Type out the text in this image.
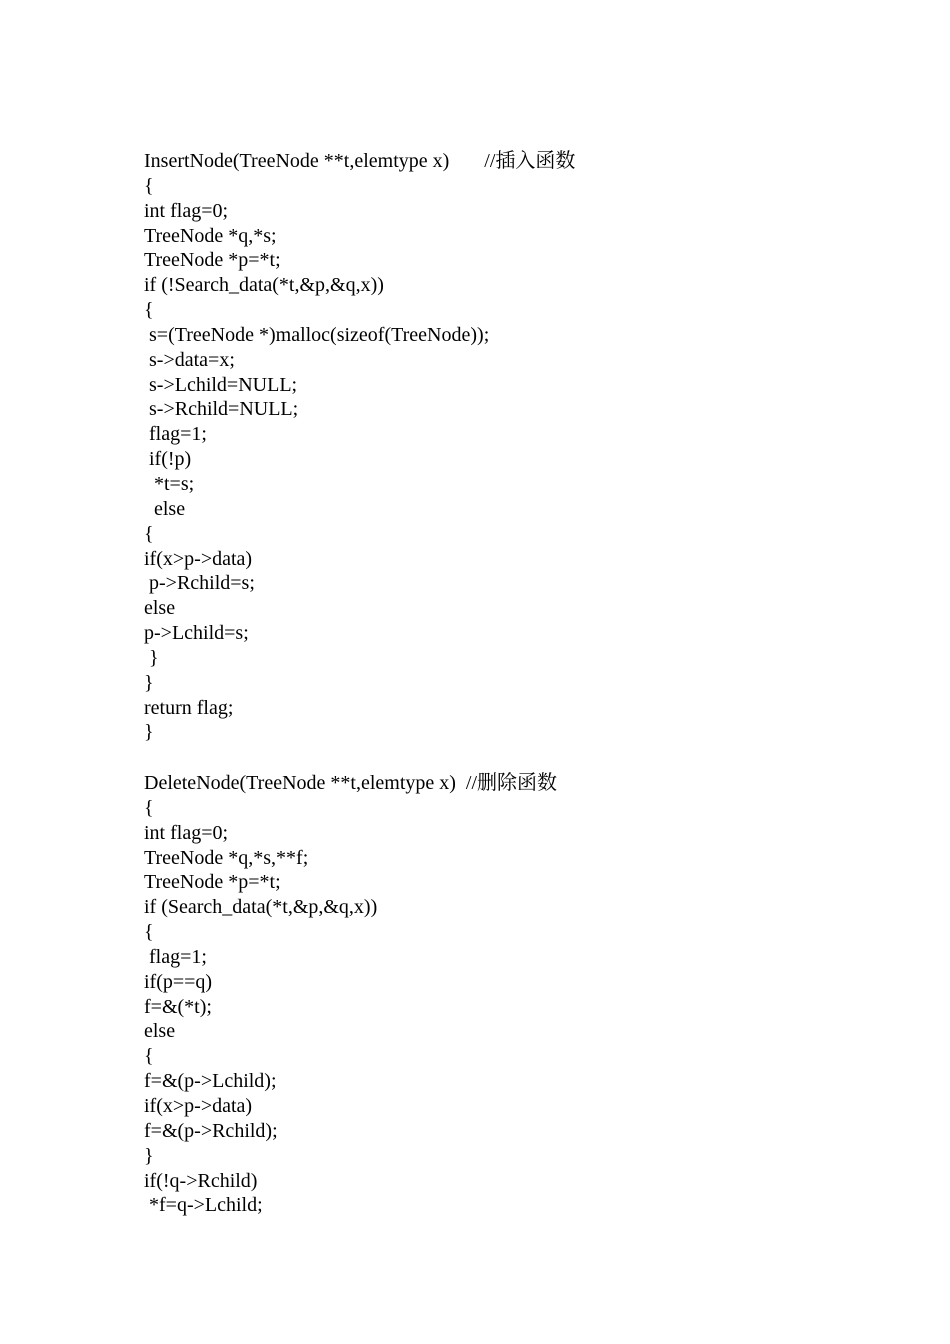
InsertNode(TreeNode **t,elemtype x)       //插入函数
{
int flag=0;
TreeNode *q,*s;
TreeNode *p=*t;
if (!Search_data(*t,&p,&q,x))
{
s=(TreeNode *)malloc(sizeof(TreeNode));
s->data=x;
s->Lchild=NULL;
s->Rchild=NULL;
flag=1;
if(!p)
*t=s;
else
{
if(x>p->data)
p->Rchild=s;
else
p->Lchild=s;
}
}
return flag;
}
DeleteNode(TreeNode **t,elemtype x)  //删除函数
{
int flag=0;
TreeNode *q,*s,**f;
TreeNode *p=*t;
if (Search_data(*t,&p,&q,x))
{
flag=1;
if(p==q)
f=&(*t);
else
{
f=&(p->Lchild);
if(x>p->data)
f=&(p->Rchild);
}
if(!q->Rchild)
*f=q->Lchild;
